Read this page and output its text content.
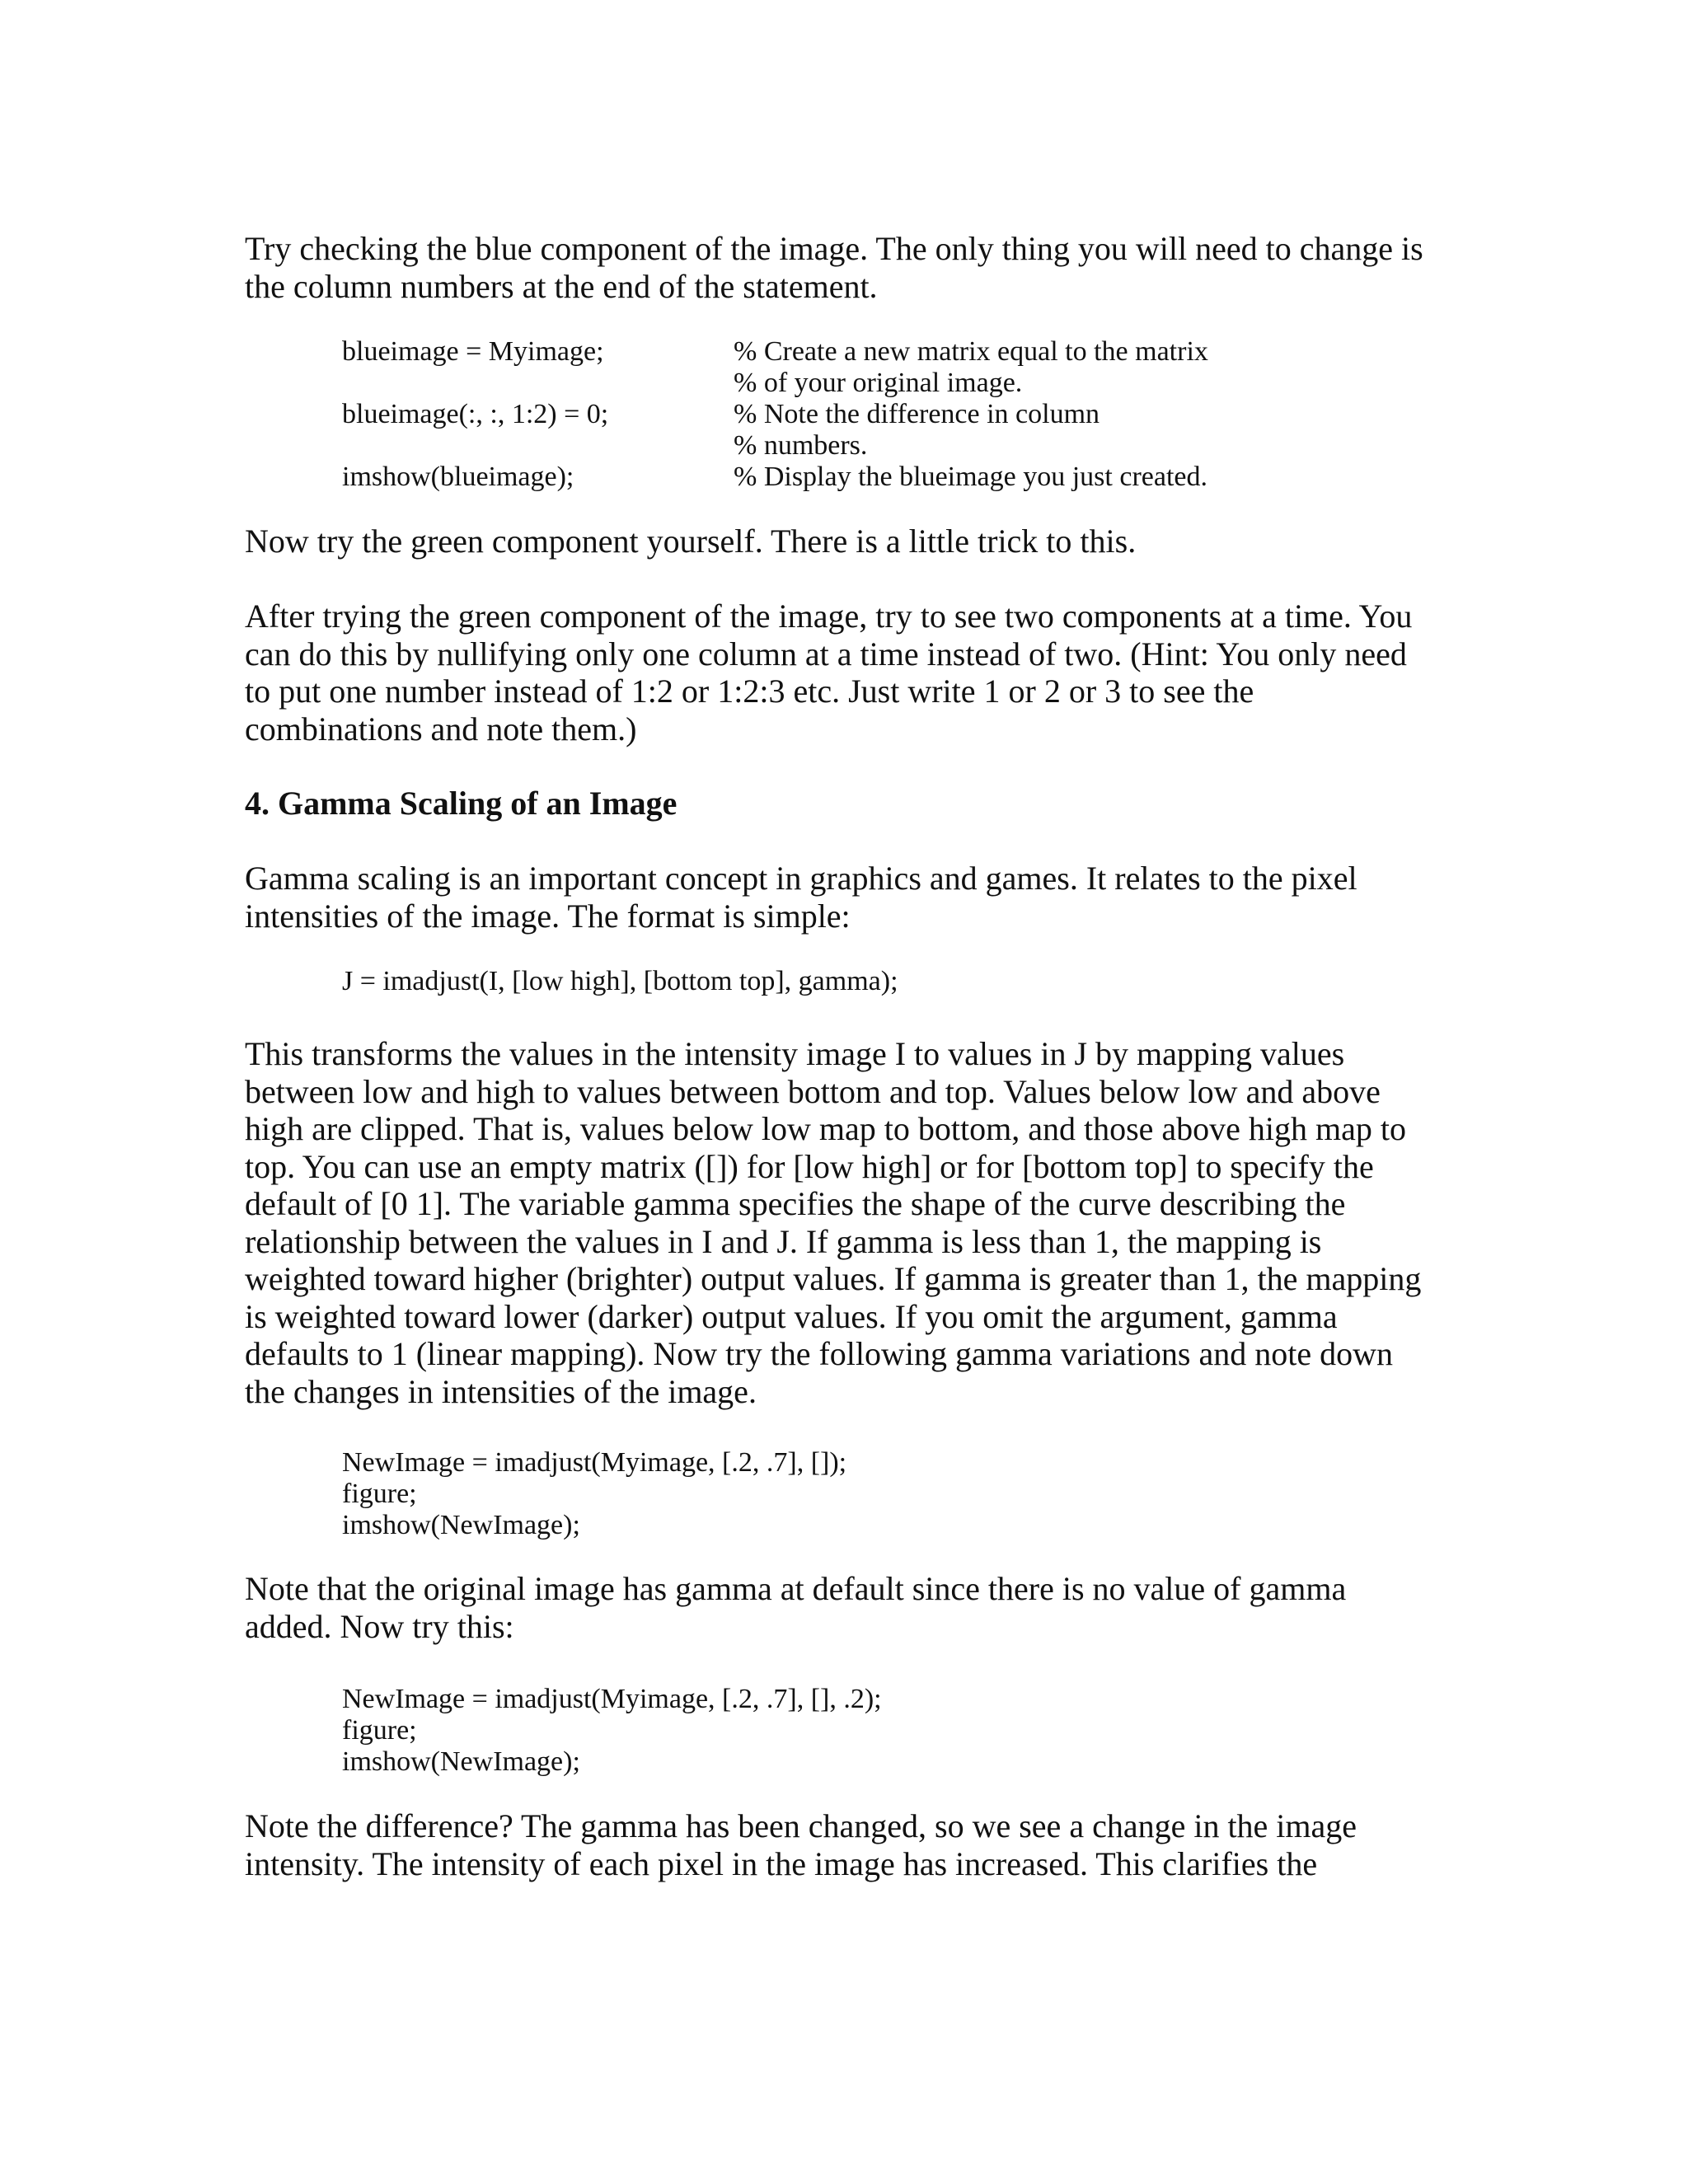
Try checking the blue component of the image. The only thing you will need to change is
the column numbers at the end of the statement.

blueimage = Myimage;

blueimage(:, :, 1:2) = 0;

imshow(blueimage);
% Create a new matrix equal to the matrix
% of your original image.
% Note the difference in column
% numbers.
% Display the blueimage you just created.

Now try the green component yourself. There is a little trick to this.

After trying the green component of the image, try to see two components at a time. You
can do this by nullifying only one column at a time instead of two. (Hint: You only need
to put one number instead of 1:2 or 1:2:3 etc. Just write 1 or 2 or 3 to see the
combinations and note them.)

4. Gamma Scaling of an Image

Gamma scaling is an important concept in graphics and games. It relates to the pixel
intensities of the image. The format is simple:

J = imadjust(I, [low high], [bottom top], gamma);

This transforms the values in the intensity image I to values in J by mapping values
between low and high to values between bottom and top. Values below low and above
high are clipped. That is, values below low map to bottom, and those above high map to
top. You can use an empty matrix ([]) for [low high] or for [bottom top] to specify the
default of [0 1]. The variable gamma specifies the shape of the curve describing the
relationship between the values in I and J. If gamma is less than 1, the mapping is
weighted toward higher (brighter) output values. If gamma is greater than 1, the mapping
is weighted toward lower (darker) output values. If you omit the argument, gamma
defaults to 1 (linear mapping). Now try the following gamma variations and note down
the changes in intensities of the image.

NewImage = imadjust(Myimage, [.2, .7], []);
figure;
imshow(NewImage);

Note that the original image has gamma at default since there is no value of gamma
added. Now try this:

NewImage = imadjust(Myimage, [.2, .7], [], .2);
figure;
imshow(NewImage);

Note the difference? The gamma has been changed, so we see a change in the image
intensity. The intensity of each pixel in the image has increased. This clarifies the
